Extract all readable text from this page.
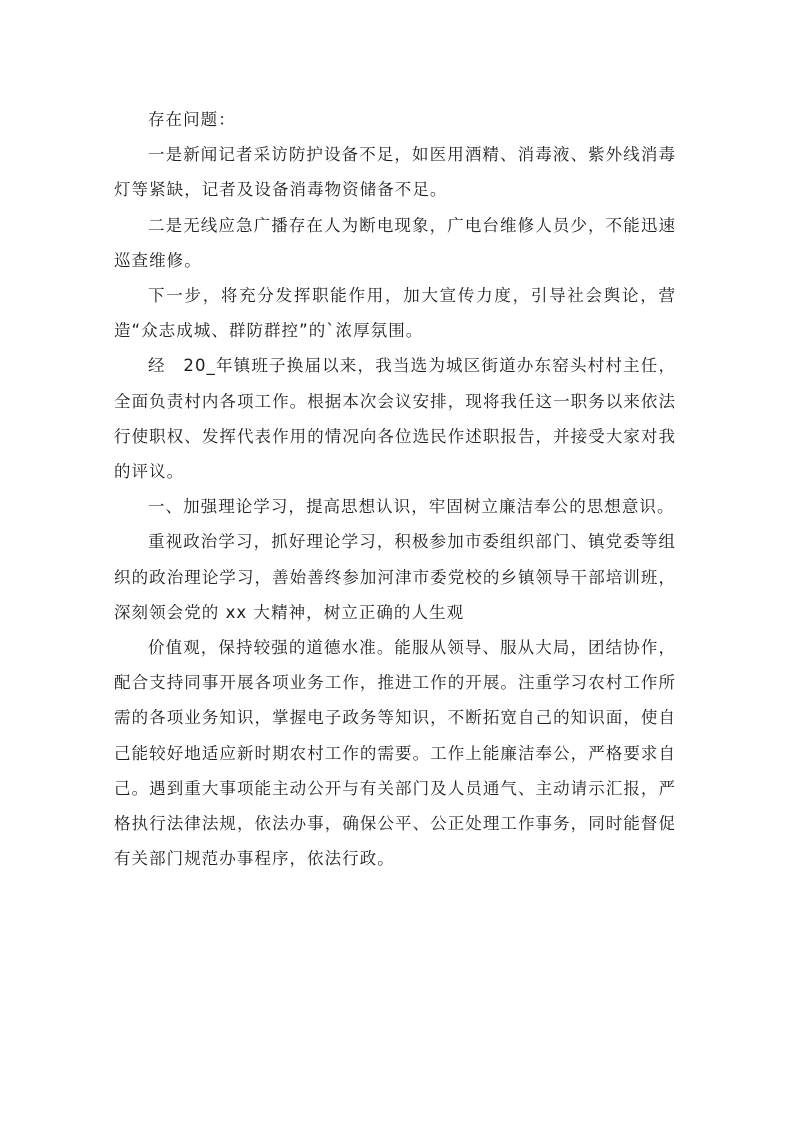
存在问题：

一是新闻记者采访防护设备不足，如医用酒精、消毒液、紫外线消毒灯等紧缺，记者及设备消毒物资储备不足。

二是无线应急广播存在人为断电现象，广电台维修人员少，不能迅速巡查维修。

下一步，将充分发挥职能作用，加大宣传力度，引导社会舆论，营造“众志成城、群防群控”的`浓厚氛围。

经　20_年镇班子换届以来，我当选为城区街道办东窑头村村主任，全面负责村内各项工作。根据本次会议安排，现将我任这一职务以来依法行使职权、发挥代表作用的情况向各位选民作述职报告，并接受大家对我的评议。

一、加强理论学习，提高思想认识，牢固树立廉洁奉公的思想意识。

重视政治学习，抓好理论学习，积极参加市委组织部门、镇党委等组织的政治理论学习，善始善终参加河津市委党校的乡镇领导干部培训班，深刻领会党的 xx 大精神，树立正确的人生观

价值观，保持较强的道德水准。能服从领导、服从大局，团结协作，配合支持同事开展各项业务工作，推进工作的开展。注重学习农村工作所需的各项业务知识，掌握电子政务等知识，不断拓宽自己的知识面，使自己能较好地适应新时期农村工作的需要。工作上能廉洁奉公，严格要求自己。遇到重大事项能主动公开与有关部门及人员通气、主动请示汇报，严格执行法律法规，依法办事，确保公平、公正处理工作事务，同时能督促有关部门规范办事程序，依法行政。
